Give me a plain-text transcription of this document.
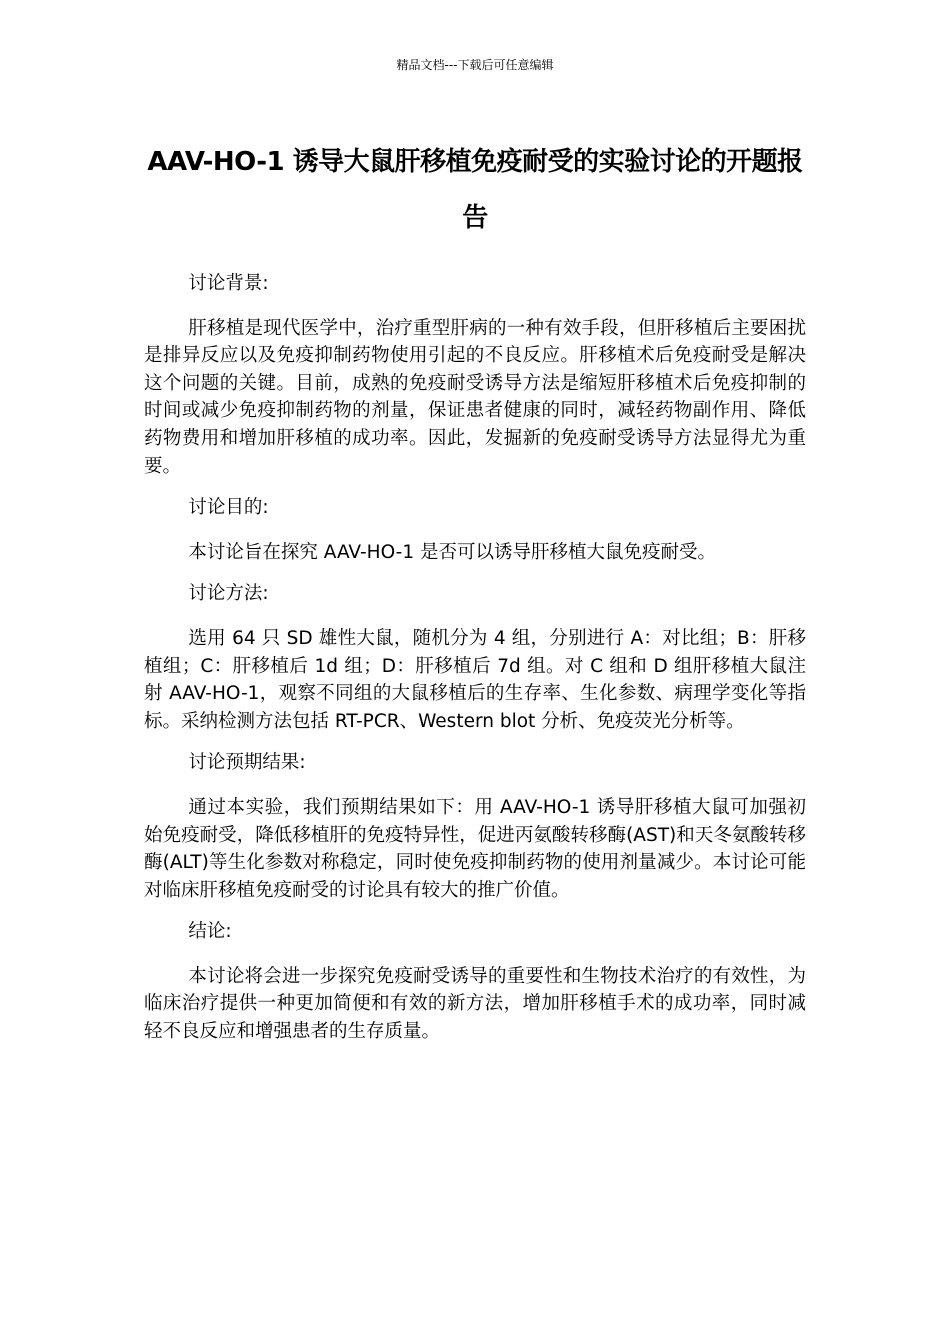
精品文档---下载后可任意编辑
AAV-HO-1 诱导大鼠肝移植免疫耐受的实验讨论的开题报告

讨论背景:

肝移植是现代医学中，治疗重型肝病的一种有效手段，但肝移植后主要困扰是排异反应以及免疫抑制药物使用引起的不良反应。肝移植术后免疫耐受是解决这个问题的关键。目前，成熟的免疫耐受诱导方法是缩短肝移植术后免疫抑制的时间或减少免疫抑制药物的剂量，保证患者健康的同时，减轻药物副作用、降低药物费用和增加肝移植的成功率。因此，发掘新的免疫耐受诱导方法显得尤为重要。

讨论目的:

本讨论旨在探究 AAV-HO-1 是否可以诱导肝移植大鼠免疫耐受。

讨论方法:

选用 64 只 SD 雄性大鼠，随机分为 4 组，分别进行 A：对比组；B：肝移植组；C：肝移植后 1d 组；D：肝移植后 7d 组。对 C 组和 D 组肝移植大鼠注射 AAV-HO-1，观察不同组的大鼠移植后的生存率、生化参数、病理学变化等指标。采纳检测方法包括 RT-PCR、Western blot 分析、免疫荧光分析等。

讨论预期结果:

通过本实验，我们预期结果如下：用 AAV-HO-1 诱导肝移植大鼠可加强初始免疫耐受，降低移植肝的免疫特异性，促进丙氨酸转移酶(AST)和天冬氨酸转移酶(ALT)等生化参数对称稳定，同时使免疫抑制药物的使用剂量减少。本讨论可能对临床肝移植免疫耐受的讨论具有较大的推广价值。

结论:

本讨论将会进一步探究免疫耐受诱导的重要性和生物技术治疗的有效性，为临床治疗提供一种更加简便和有效的新方法，增加肝移植手术的成功率，同时减轻不良反应和增强患者的生存质量。
